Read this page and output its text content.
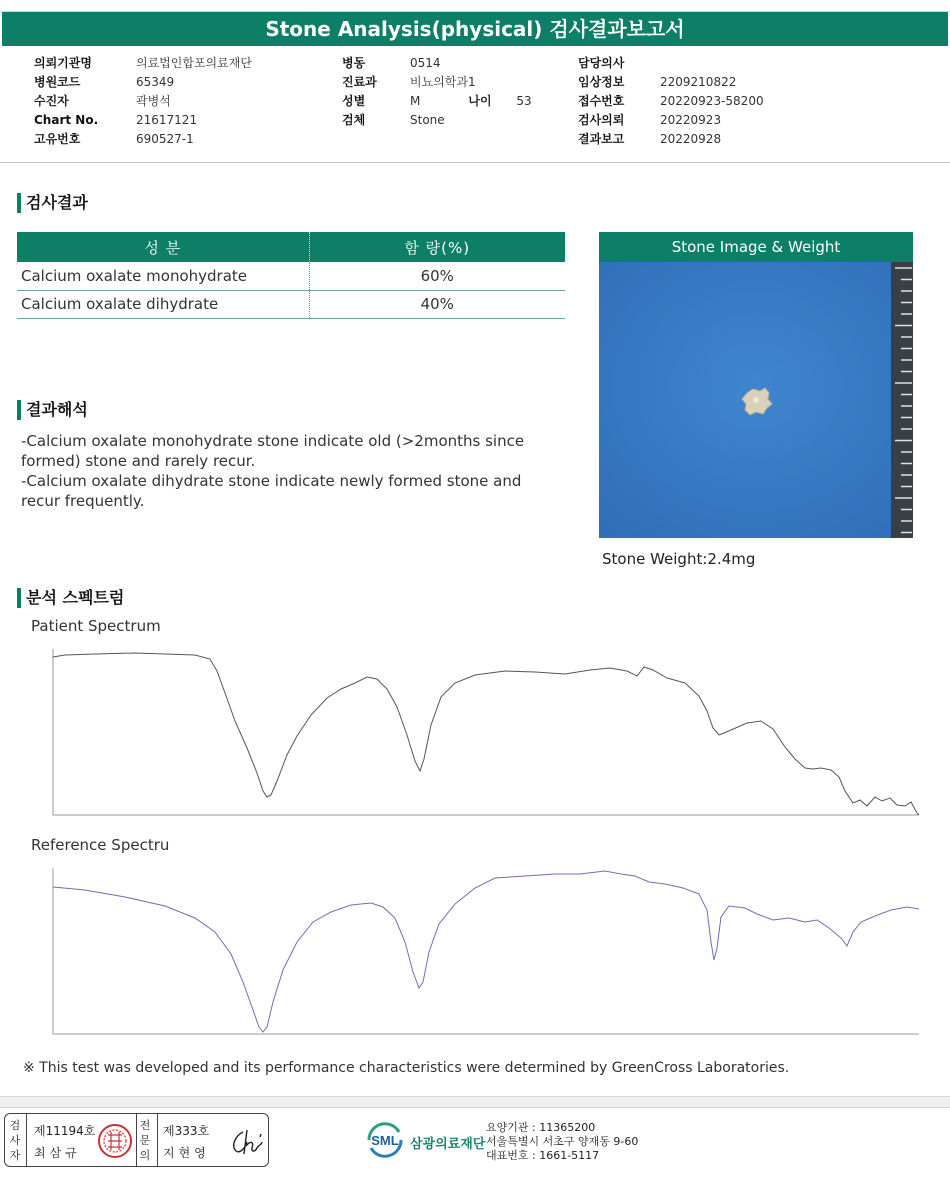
Stone Analysis(physical) 검사결과보고서
의뢰기관명	의료법인합포의료재단
병원코드	65349
수진자	곽병석
Chart No.	21617121
고유번호	690527-1
병동	0514
진료과	비뇨의학과1
성별	M	나이	53
검체	Stone
담당의사
임상정보	2209210822
접수번호	20220923-58200
검사의뢰	20220923
결과보고	20220928
검사결과
성 분	함 량(%)
Calcium oxalate monohydrate	60%
Calcium oxalate dihydrate	40%
결과해석
-Calcium oxalate monohydrate stone indicate old (>2months since formed) stone and rarely recur.
-Calcium oxalate dihydrate stone indicate newly formed stone and recur frequently.
Stone Image & Weight
Stone Weight:2.4mg
분석 스펙트럼
Patient Spectrum
Reference Spectru
※ This test was developed and its performance characteristics were determined by GreenCross Laboratories.
검사자
제11194호
최삼규
전문의
제333호
지현영
SML 삼광의료재단
요양기관 : 11365200
서울특별시 서초구 양재동 9-60
대표번호 : 1661-5117
